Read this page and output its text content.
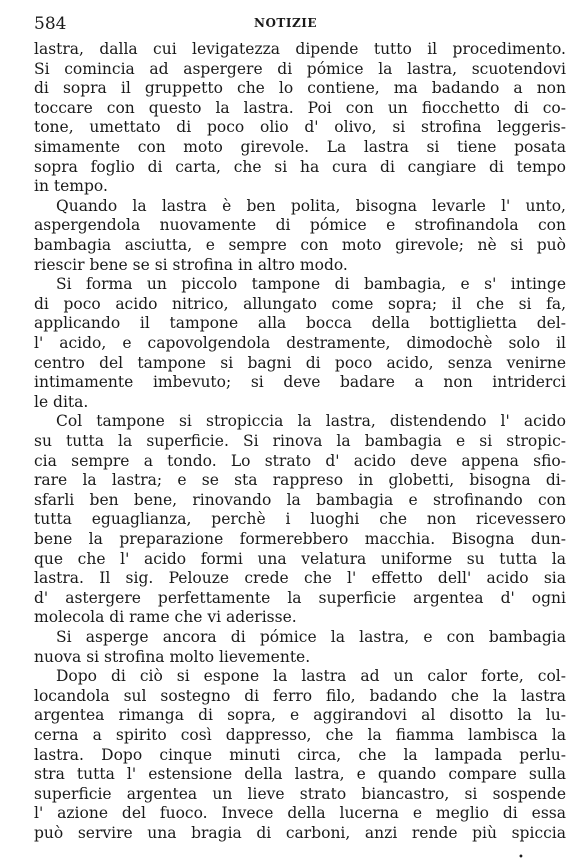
584	NOTIZIE
lastra, dalla cui levigatezza dipende tutto il procedimento.
Si comincia ad aspergere di pómice la lastra, scuotendovi
di sopra il gruppetto che lo contiene, ma badando a non
toccare con questo la lastra. Poi con un fiocchetto di co-
tone, umettato di poco olio d' olivo, si strofina leggeris-
simamente con moto girevole. La lastra si tiene posata
sopra foglio di carta, che si ha cura di cangiare di tempo
in tempo.
Quando la lastra è ben polita, bisogna levarle l' unto,
aspergendola nuovamente di pómice e strofinandola con
bambagia asciutta, e sempre con moto girevole; nè si può
riescir bene se si strofina in altro modo.
Si forma un piccolo tampone di bambagia, e s' intinge
di poco acido nitrico, allungato come sopra; il che si fa,
applicando il tampone alla bocca della bottiglietta del-
l' acido, e capovolgendola destramente, dimodochè solo il
centro del tampone si bagni di poco acido, senza venirne
intimamente imbevuto; si deve badare a non intriderci
le dita.
Col tampone si stropiccia la lastra, distendendo l' acido
su tutta la superficie. Si rinova la bambagia e si stropic-
cia sempre a tondo. Lo strato d' acido deve appena sfio-
rare la lastra; e se sta rappreso in globetti, bisogna di-
sfarli ben bene, rinovando la bambagia e strofinando con
tutta eguaglianza, perchè i luoghi che non ricevessero
bene la preparazione formerebbero macchia. Bisogna dun-
que che l' acido formi una velatura uniforme su tutta la
lastra. Il sig. Pelouze crede che l' effetto dell' acido sia
d' astergere perfettamente la superficie argentea d' ogni
molecola di rame che vi aderisse.
Si asperge ancora di pómice la lastra, e con bambagia
nuova si strofina molto lievemente.
Dopo di ciò si espone la lastra ad un calor forte, col-
locandola sul sostegno di ferro filo, badando che la lastra
argentea rimanga di sopra, e aggirandovi al disotto la lu-
cerna a spirito così dappresso, che la fiamma lambisca la
lastra. Dopo cinque minuti circa, che la lampada perlu-
stra tutta l' estensione della lastra, e quando compare sulla
superficie argentea un lieve strato biancastro, si sospende
l' azione del fuoco. Invece della lucerna e meglio di essa
può servire una bragia di carboni, anzi rende più spiccia
•
